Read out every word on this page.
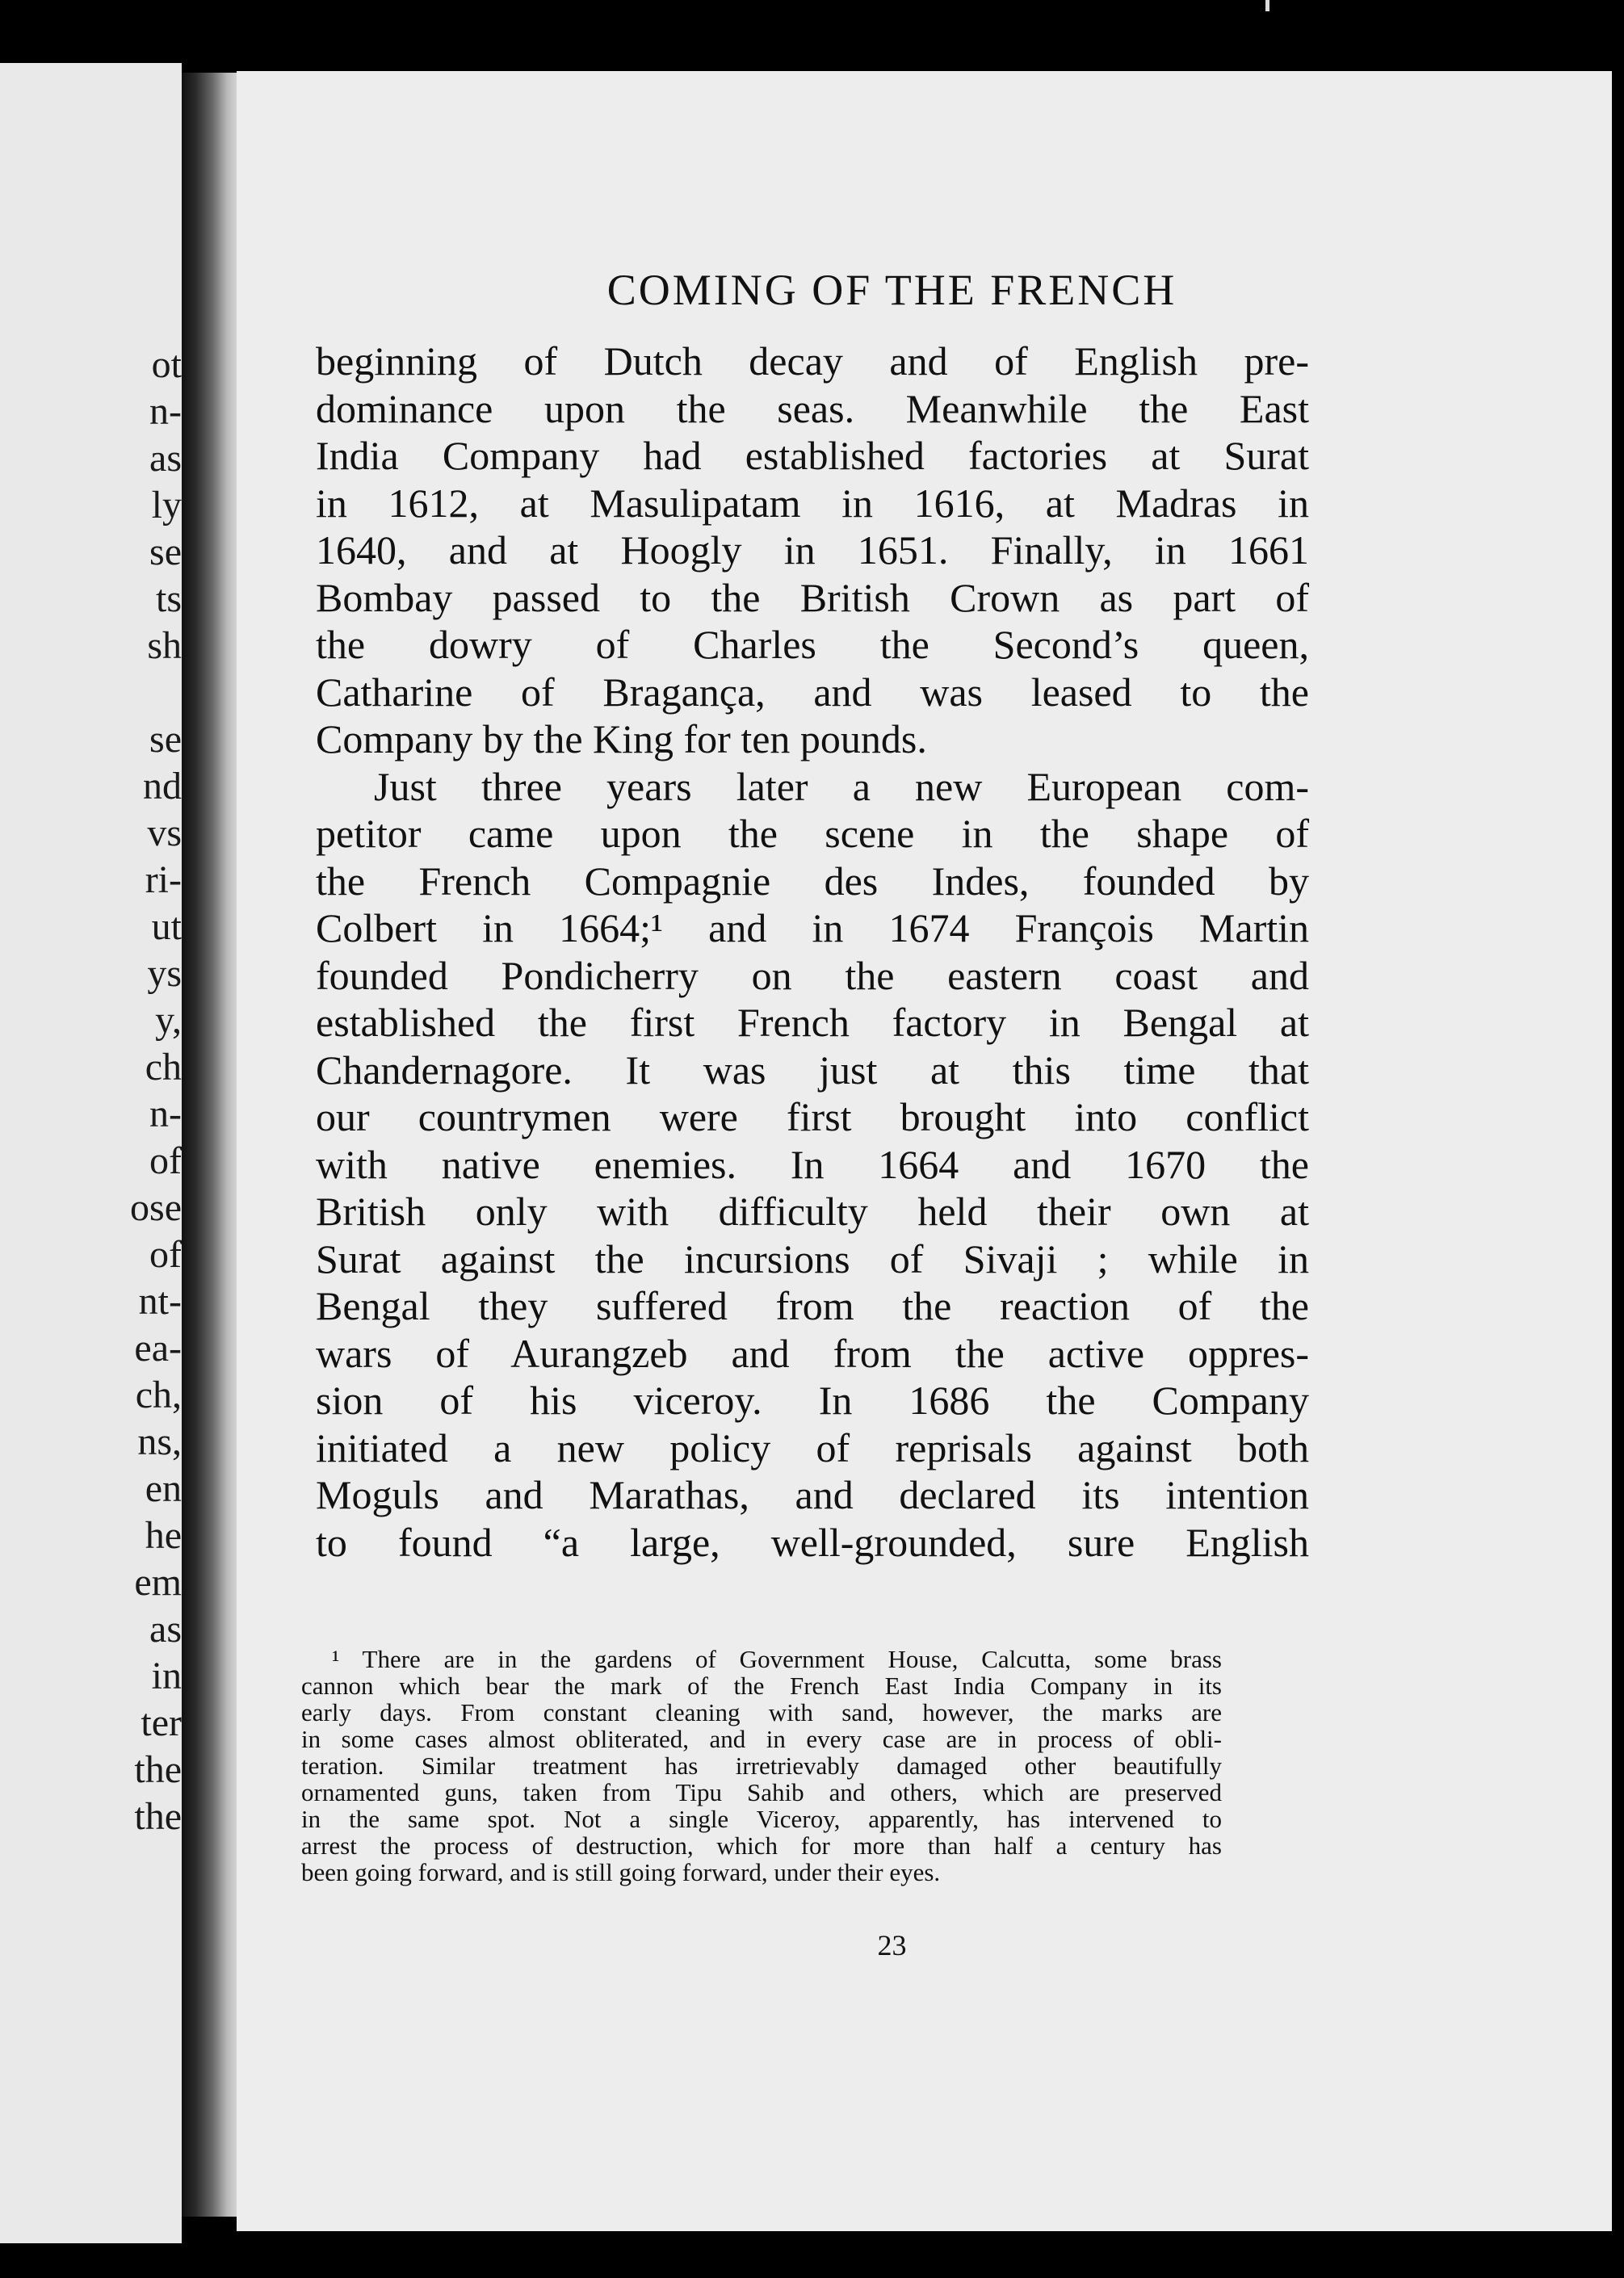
ot
n-
as
ly
se
ts
sh
se
nd
vs
ri-
ut
ys
y,
ch
n-
of
ose
of
nt-
ea-
ch,
ns,
en
he
em
as
in
ter
the
the
COMING OF THE FRENCH
beginning of Dutch decay and of English pre-
dominance upon the seas. Meanwhile the East
India Company had established factories at Surat
in 1612, at Masulipatam in 1616, at Madras in
1640, and at Hoogly in 1651. Finally, in 1661
Bombay passed to the British Crown as part of
the dowry of Charles the Second’s queen,
Catharine of Bragança, and was leased to the
Company by the King for ten pounds.
Just three years later a new European com-
petitor came upon the scene in the shape of
the French Compagnie des Indes, founded by
Colbert in 1664;¹ and in 1674 François Martin
founded Pondicherry on the eastern coast and
established the first French factory in Bengal at
Chandernagore. It was just at this time that
our countrymen were first brought into conflict
with native enemies. In 1664 and 1670 the
British only with difficulty held their own at
Surat against the incursions of Sivaji ; while in
Bengal they suffered from the reaction of the
wars of Aurangzeb and from the active oppres-
sion of his viceroy. In 1686 the Company
initiated a new policy of reprisals against both
Moguls and Marathas, and declared its intention
to found “a large, well-grounded, sure English
¹ There are in the gardens of Government House, Calcutta, some brass
cannon which bear the mark of the French East India Company in its
early days. From constant cleaning with sand, however, the marks are
in some cases almost obliterated, and in every case are in process of obli-
teration. Similar treatment has irretrievably damaged other beautifully
ornamented guns, taken from Tipu Sahib and others, which are preserved
in the same spot. Not a single Viceroy, apparently, has intervened to
arrest the process of destruction, which for more than half a century has
been going forward, and is still going forward, under their eyes.
23
